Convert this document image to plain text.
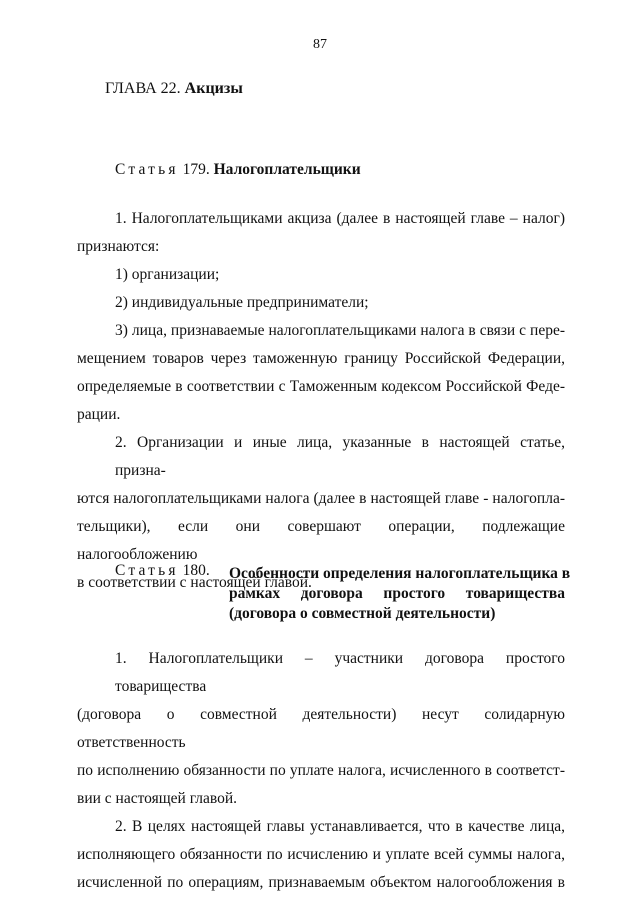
87
ГЛАВА 22. Акцизы
Статья 179. Налогоплательщики
1. Налогоплательщиками акциза (далее в настоящей главе – налог)
признаются:
1) организации;
2) индивидуальные предприниматели;
3) лица, признаваемые налогоплательщиками налога в связи с пере-
мещением товаров через таможенную границу Российской Федерации,
определяемые в соответствии с Таможенным кодексом Российской Феде-
рации.
2. Организации и иные лица, указанные в настоящей статье, призна-
ются налогоплательщиками налога (далее в настоящей главе - налогопла-
тельщики), если они совершают операции, подлежащие налогообложению
в соответствии с настоящей главой.
Статья 180. Особенности определения налогоплательщика в
рамках договора простого товарищества
(договора о совместной деятельности)
1. Налогоплательщики – участники договора простого товарищества
(договора о совместной деятельности) несут солидарную ответственность
по исполнению обязанности по уплате налога, исчисленного в соответст-
вии с настоящей главой.
2. В целях настоящей главы устанавливается, что в качестве лица,
исполняющего обязанности по исчислению и уплате всей суммы налога,
исчисленной по операциям, признаваемым объектом налогообложения в
